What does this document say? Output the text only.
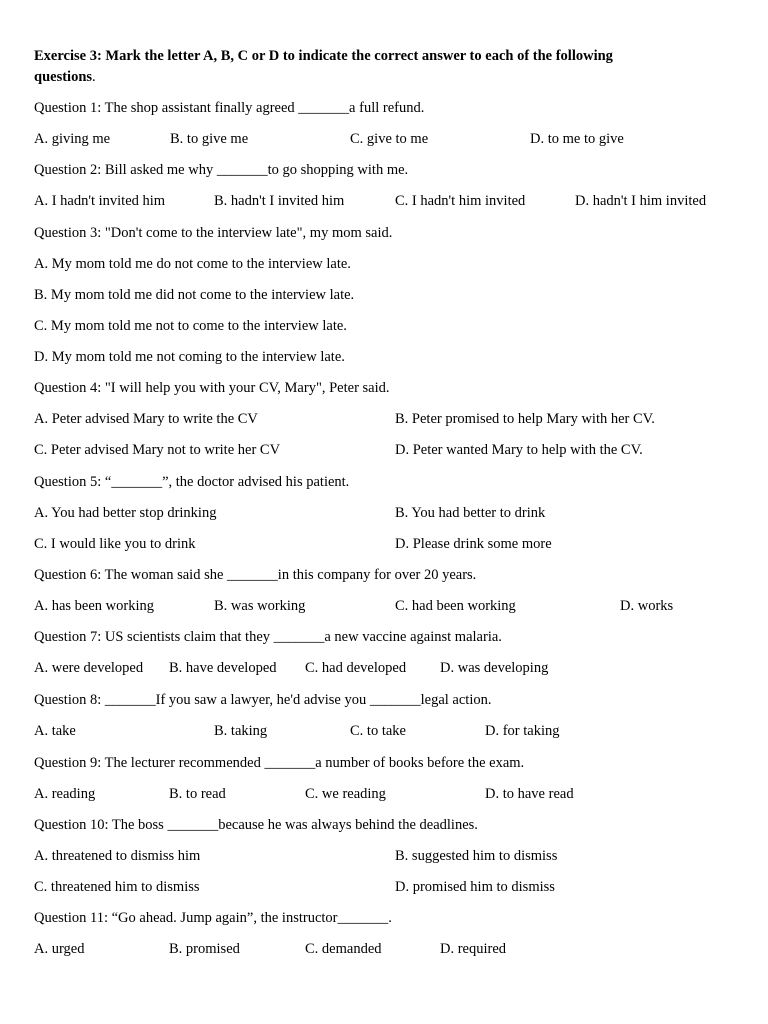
Exercise 3: Mark the letter A, B, C or D to indicate the correct answer to each of the following
questions.
Question 1: The shop assistant finally agreed _______a full refund.
A. giving me	B. to give me	C. give to me	D. to me to give
Question 2: Bill asked me why _______to go shopping with me.
A. I hadn't invited him	B. hadn't I invited him	C. I hadn't him invited	D. hadn't I him invited
Question 3: "Don't come to the interview late", my mom said.
A. My mom told me do not come to the interview late.
B. My mom told me did not come to the interview late.
C. My mom told me not to come to the interview late.
D. My mom told me not coming to the interview late.
Question 4: "I will help you with your CV, Mary", Peter said.
A. Peter advised Mary to write the CV	B. Peter promised to help Mary with her CV.
C. Peter advised Mary not to write her CV	D. Peter wanted Mary to help with the CV.
Question 5: “_______”, the doctor advised his patient.
A. You had better stop drinking	B. You had better to drink
C. I would like you to drink	D. Please drink some more
Question 6: The woman said she _______in this company for over 20 years.
A. has been working	B. was working	C. had been working	D. works
Question 7: US scientists claim that they _______a new vaccine against malaria.
A. were developed B. have developed C. had developed D. was developing
Question 8: _______If you saw a lawyer, he'd advise you _______legal action.
A. take	B. taking	C. to take	D. for taking
Question 9: The lecturer recommended _______a number of books before the exam.
A. reading	B. to read	C. we reading	D. to have read
Question 10: The boss _______because he was always behind the deadlines.
A. threatened to dismiss him	B. suggested him to dismiss
C. threatened him to dismiss	D. promised him to dismiss
Question 11: “Go ahead. Jump again”, the instructor_______.
A. urged	B. promised	C. demanded	D. required
